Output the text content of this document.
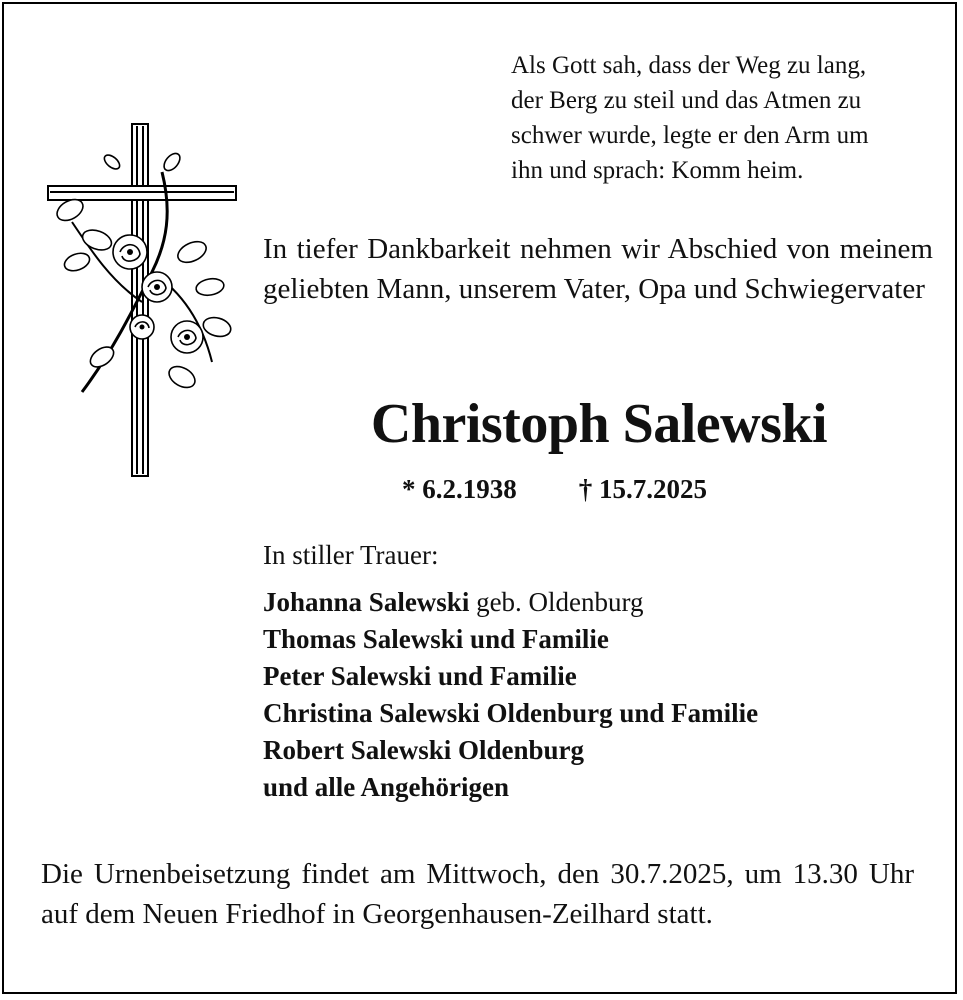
Als Gott sah, dass der Weg zu lang,
der Berg zu steil und das Atmen zu
schwer wurde, legte er den Arm um
ihn und sprach: Komm heim.
In tiefer Dankbarkeit nehmen wir Abschied von meinem geliebten Mann, unserem Vater, Opa und Schwiegervater
Christoph Salewski
* 6.2.1938 † 15.7.2025
In stiller Trauer:
Johanna Salewski geb. Oldenburg
Thomas Salewski und Familie
Peter Salewski und Familie
Christina Salewski Oldenburg und Familie
Robert Salewski Oldenburg
und alle Angehörigen
Die Urnenbeisetzung findet am Mittwoch, den 30.7.2025, um 13.30 Uhr auf dem Neuen Friedhof in Georgenhausen-Zeilhard statt.
